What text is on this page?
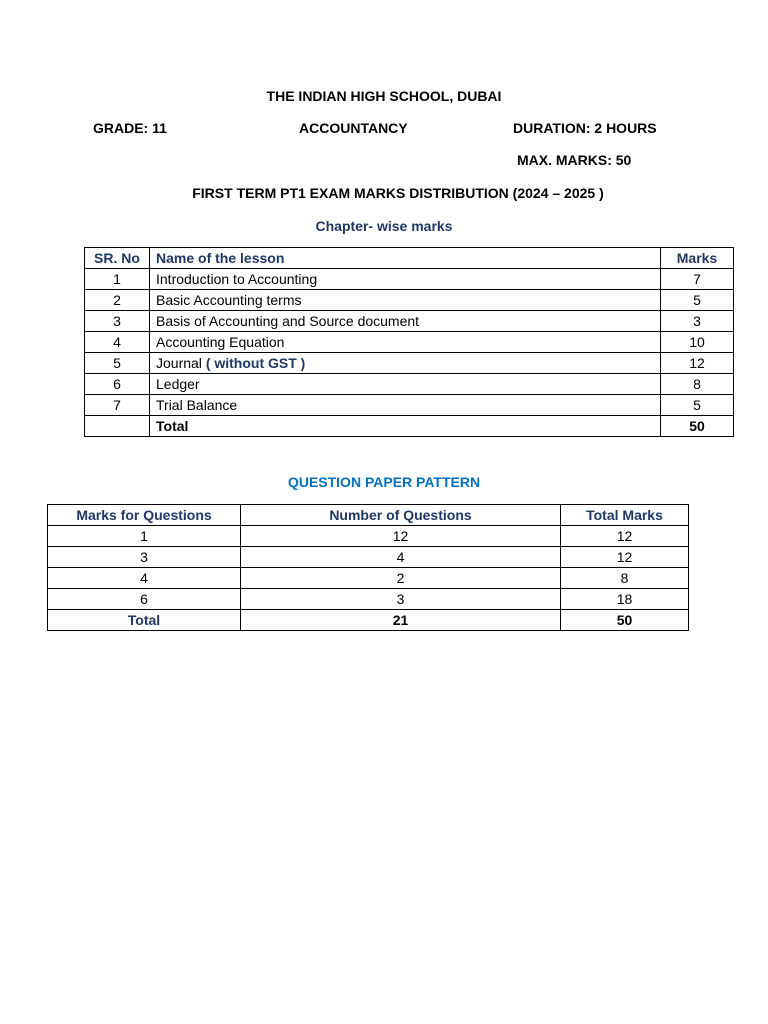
THE INDIAN HIGH SCHOOL, DUBAI
GRADE: 11	ACCOUNTANCY	DURATION: 2 HOURS
MAX. MARKS: 50
FIRST TERM PT1 EXAM MARKS DISTRIBUTION (2024 – 2025 )
Chapter- wise marks
SR. No	Name of the lesson	Marks
1	Introduction to Accounting	7
2	Basic Accounting terms	5
3	Basis of Accounting and Source document	3
4	Accounting Equation	10
5	Journal ( without GST )	12
6	Ledger	8
7	Trial Balance	5
	Total	50
QUESTION PAPER PATTERN
Marks for Questions	Number of Questions	Total Marks
1	12	12
3	4	12
4	2	8
6	3	18
Total	21	50
